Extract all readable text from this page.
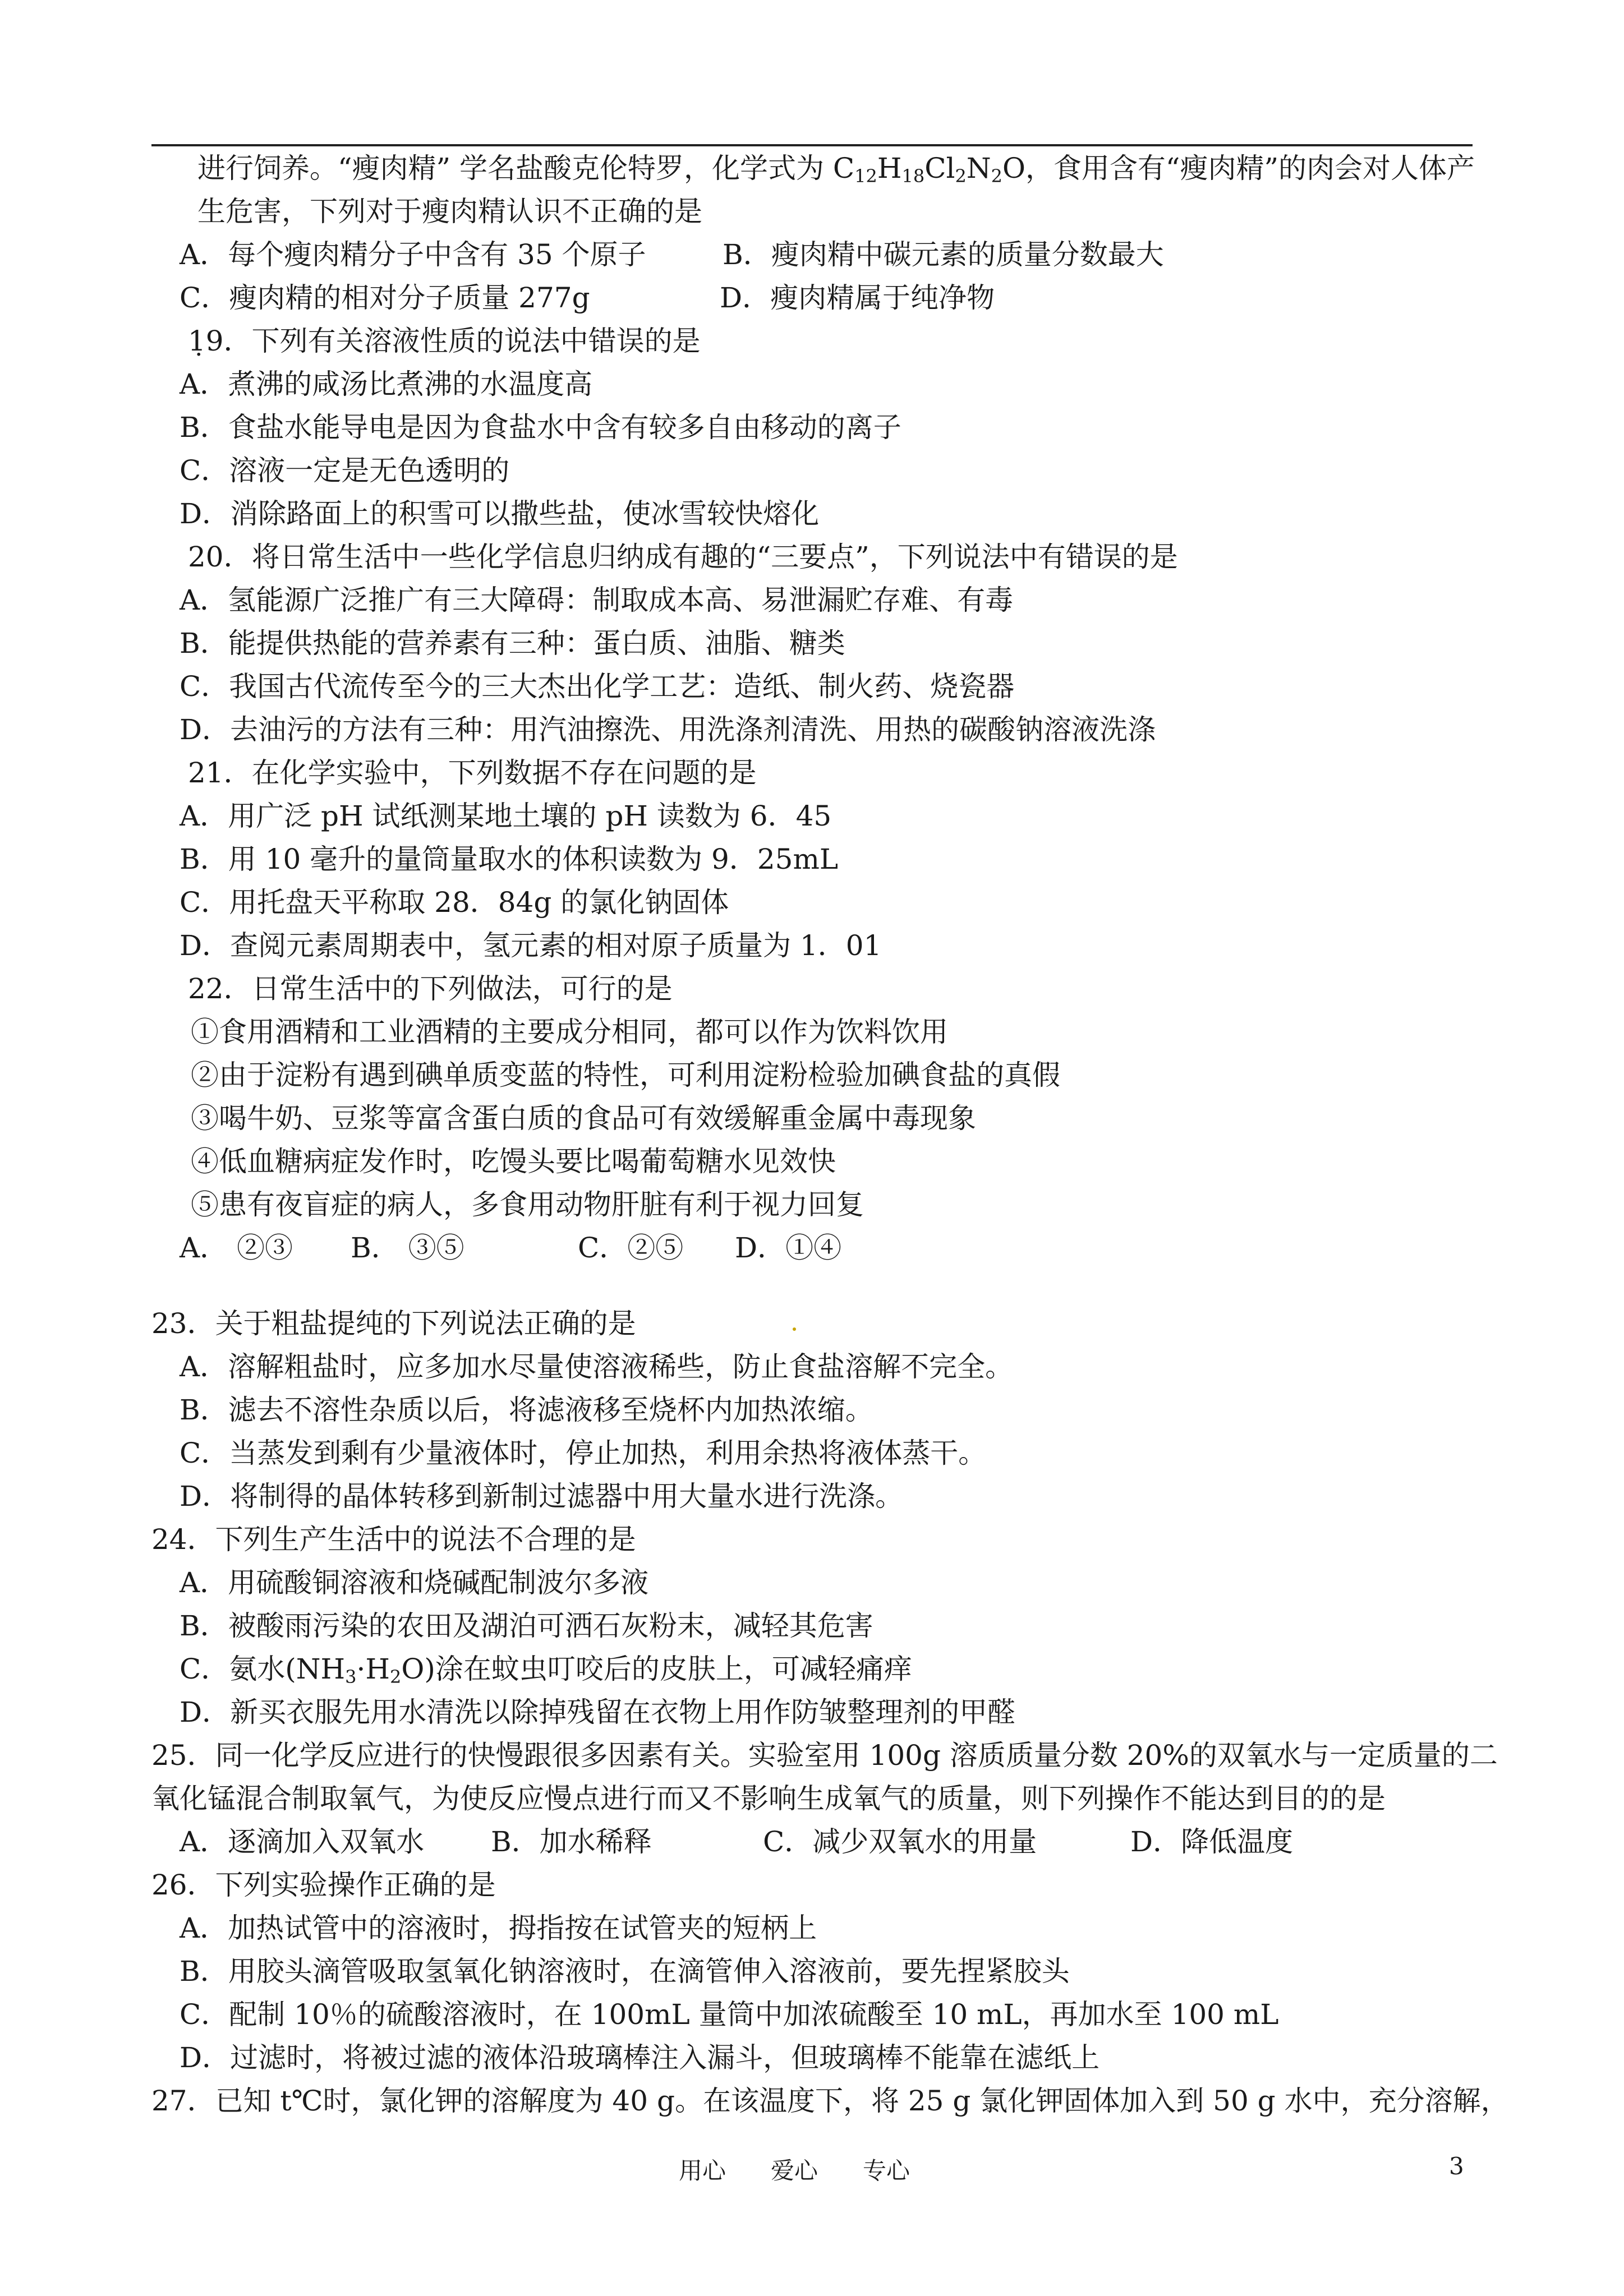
进行饲养。“瘦肉精” 学名盐酸克伦特罗，化学式为 $C_{12}H_{18}Cl_2N_2O$，食用含有“瘦肉精”的肉会对人体产
生危害，下列对于瘦肉精认识不正确的是
A．每个瘦肉精分子中含有 35 个原子	B．瘦肉精中碳元素的质量分数最大
C．瘦肉精的相对分子质量 277g	D．瘦肉精属于纯净物
1̣9．下列有关溶液性质的说法中错误的是
A．煮沸的咸汤比煮沸的水温度高
B．食盐水能导电是因为食盐水中含有较多自由移动的离子
C．溶液一定是无色透明的
D．消除路面上的积雪可以撒些盐，使冰雪较快熔化
20．将日常生活中一些化学信息归纳成有趣的“三要点”，下列说法中有错误的是
A．氢能源广泛推广有三大障碍：制取成本高、易泄漏贮存难、有毒
B．能提供热能的营养素有三种：蛋白质、油脂、糖类
C．我国古代流传至今的三大杰出化学工艺：造纸、制火药、烧瓷器
D．去油污的方法有三种：用汽油擦洗、用洗涤剂清洗、用热的碳酸钠溶液洗涤
21．在化学实验中，下列数据不存在问题的是
A．用广泛 pH 试纸测某地土壤的 pH 读数为 6．45
B．用 10 毫升的量筒量取水的体积读数为 9．25mL
C．用托盘天平称取 28．84g 的氯化钠固体
D．查阅元素周期表中，氢元素的相对原子质量为 1．01
22．日常生活中的下列做法，可行的是
①食用酒精和工业酒精的主要成分相同，都可以作为饮料饮用
②由于淀粉有遇到碘单质变蓝的特性，可利用淀粉检验加碘食盐的真假
③喝牛奶、豆浆等富含蛋白质的食品可有效缓解重金属中毒现象
④低血糖病症发作时，吃馒头要比喝葡萄糖水见效快
⑤患有夜盲症的病人，多食用动物肝脏有利于视力回复
A． ②③ B． ③⑤	C．②⑤ D．①④
23．关于粗盐提纯的下列说法正确的是
A．溶解粗盐时，应多加水尽量使溶液稀些，防止食盐溶解不完全。
B．滤去不溶性杂质以后，将滤液移至烧杯内加热浓缩。
C．当蒸发到剩有少量液体时，停止加热，利用余热将液体蒸干。
D．将制得的晶体转移到新制过滤器中用大量水进行洗涤。
24．下列生产生活中的说法不合理的是
A．用硫酸铜溶液和烧碱配制波尔多液
B．被酸雨污染的农田及湖泊可洒石灰粉末，减轻其危害
C．氨水$(NH_3\cdot H_2O)$涂在蚊虫叮咬后的皮肤上，可减轻痛痒
D．新买衣服先用水清洗以除掉残留在衣物上用作防皱整理剂的甲醛
25．同一化学反应进行的快慢跟很多因素有关。实验室用 100g 溶质质量分数 20%的双氧水与一定质量的二
氧化锰混合制取氧气，为使反应慢点进行而又不影响生成氧气的质量，则下列操作不能达到目的的是
A．逐滴加入双氧水 B．加水稀释	C．减少双氧水的用量	D．降低温度
26．下列实验操作正确的是
A．加热试管中的溶液时，拇指按在试管夹的短柄上
B．用胶头滴管吸取氢氧化钠溶液时，在滴管伸入溶液前，要先捏紧胶头
C．配制 10％的硫酸溶液时，在 100mL 量筒中加浓硫酸至 10 mL，再加水至 100 mL
D．过滤时，将被过滤的液体沿玻璃棒注入漏斗，但玻璃棒不能靠在滤纸上
27．已知 t℃时，氯化钾的溶解度为 40 g。在该温度下，将 25 g 氯化钾固体加入到 50 g 水中，充分溶解，
用心 爱心 专心	3
